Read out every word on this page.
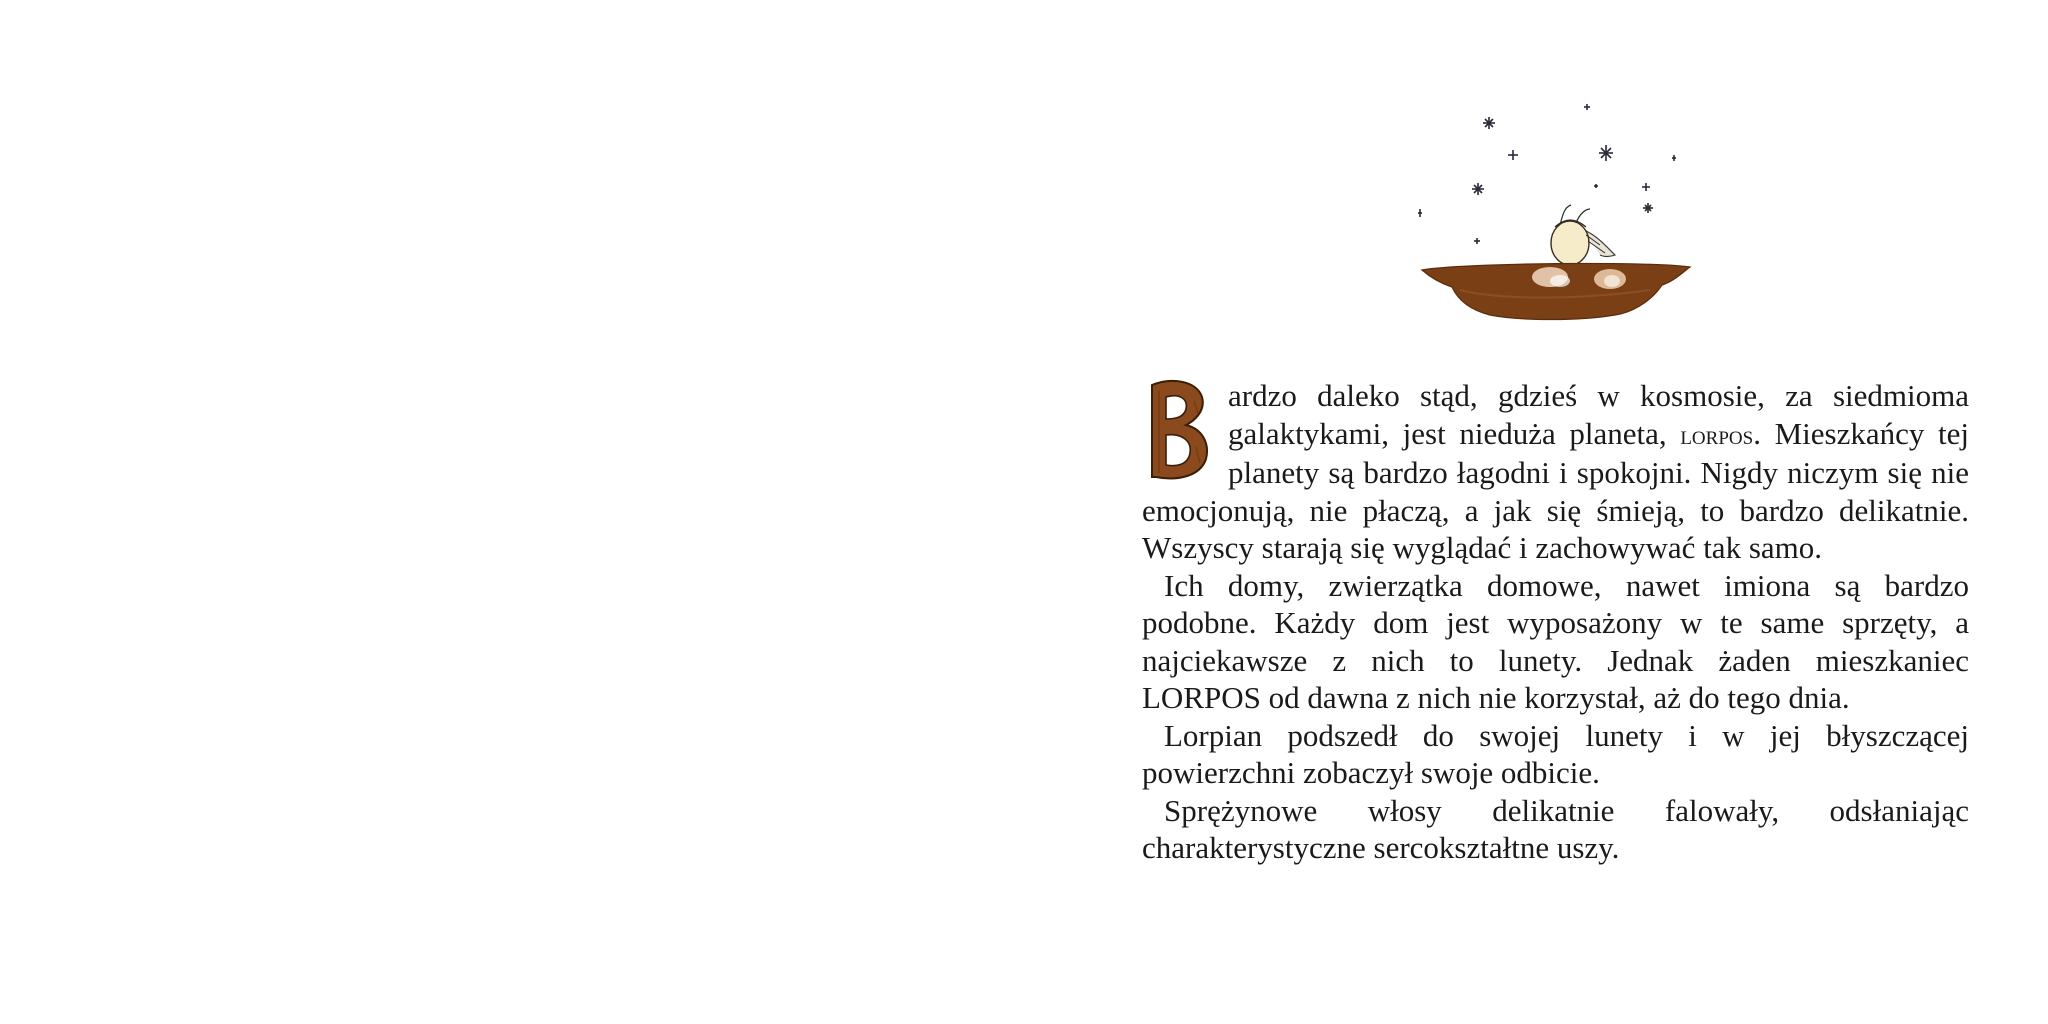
B

ardzo daleko stąd, gdzieś w kosmosie, za siedmioma galaktykami, jest nieduża planeta, lorpos. Mieszkańcy tej planety są bardzo łagodni i spokojni. Nigdy niczym się nie emocjonują, nie płaczą, a jak się śmieją, to bardzo delikatnie. Wszyscy starają się wyglądać i zachowywać tak samo.

Ich domy, zwierzątka domowe, nawet imiona są bardzo podobne. Każdy dom jest wyposażony w te same sprzęty, a najciekawsze z nich to lunety. Jednak żaden mieszkaniec LORPOS od dawna z nich nie korzystał, aż do tego dnia.

Lorpian podszedł do swojej lunety i w jej błyszczącej powierzchni zobaczył swoje odbicie.

Sprężynowe włosy delikatnie falowały, odsłaniając charakterystyczne sercokształtne uszy.
